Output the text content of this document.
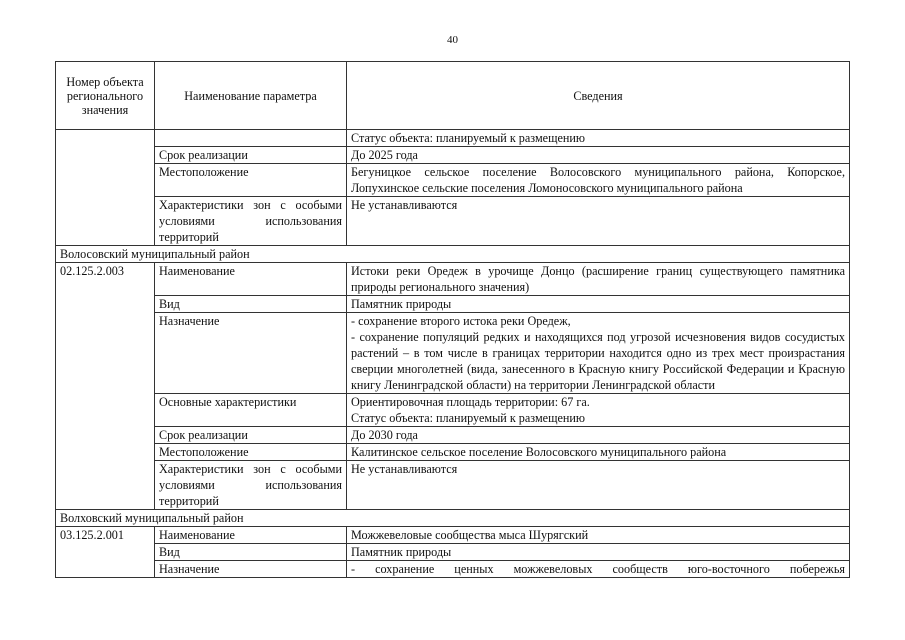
40
Номер объекта регионального значения	Наименование параметра	Сведения
		Статус объекта: планируемый к размещению
	Срок реализации	До 2025 года
	Местоположение	Бегуницкое сельское поселение Волосовского муниципального района, Копорское, Лопухинское сельские поселения Ломоносовского муниципального района
	Характеристики зон с особыми условиями использования территорий	Не устанавливаются
Волосовский муниципальный район		
02.125.2.003	Наименование	Истоки реки Оредеж в урочище Донцо (расширение границ существующего памятника природы регионального значения)
	Вид	Памятник природы
	Назначение	- сохранение второго истока реки Оредеж,
- сохранение популяций редких и находящихся под угрозой исчезновения видов сосудистых растений – в том числе в границах территории находится одно из трех мест произрастания сверции многолетней (вида, занесенного в Красную книгу Российской Федерации и Красную книгу Ленинградской области) на территории Ленинградской области

	Основные характеристики	Ориентировочная площадь территории: 67 га.
Статус объекта: планируемый к размещению

	Срок реализации	До 2030 года
	Местоположение	Калитинское сельское поселение Волосовского муниципального района
	Характеристики зон с особыми условиями использования территорий	Не устанавливаются
Волховский муниципальный район		
03.125.2.001	Наименование	Можжевеловые сообщества мыса Шурягский
	Вид	Памятник природы
	Назначение	- сохранение ценных можжевеловых сообществ юго-восточного побережья
